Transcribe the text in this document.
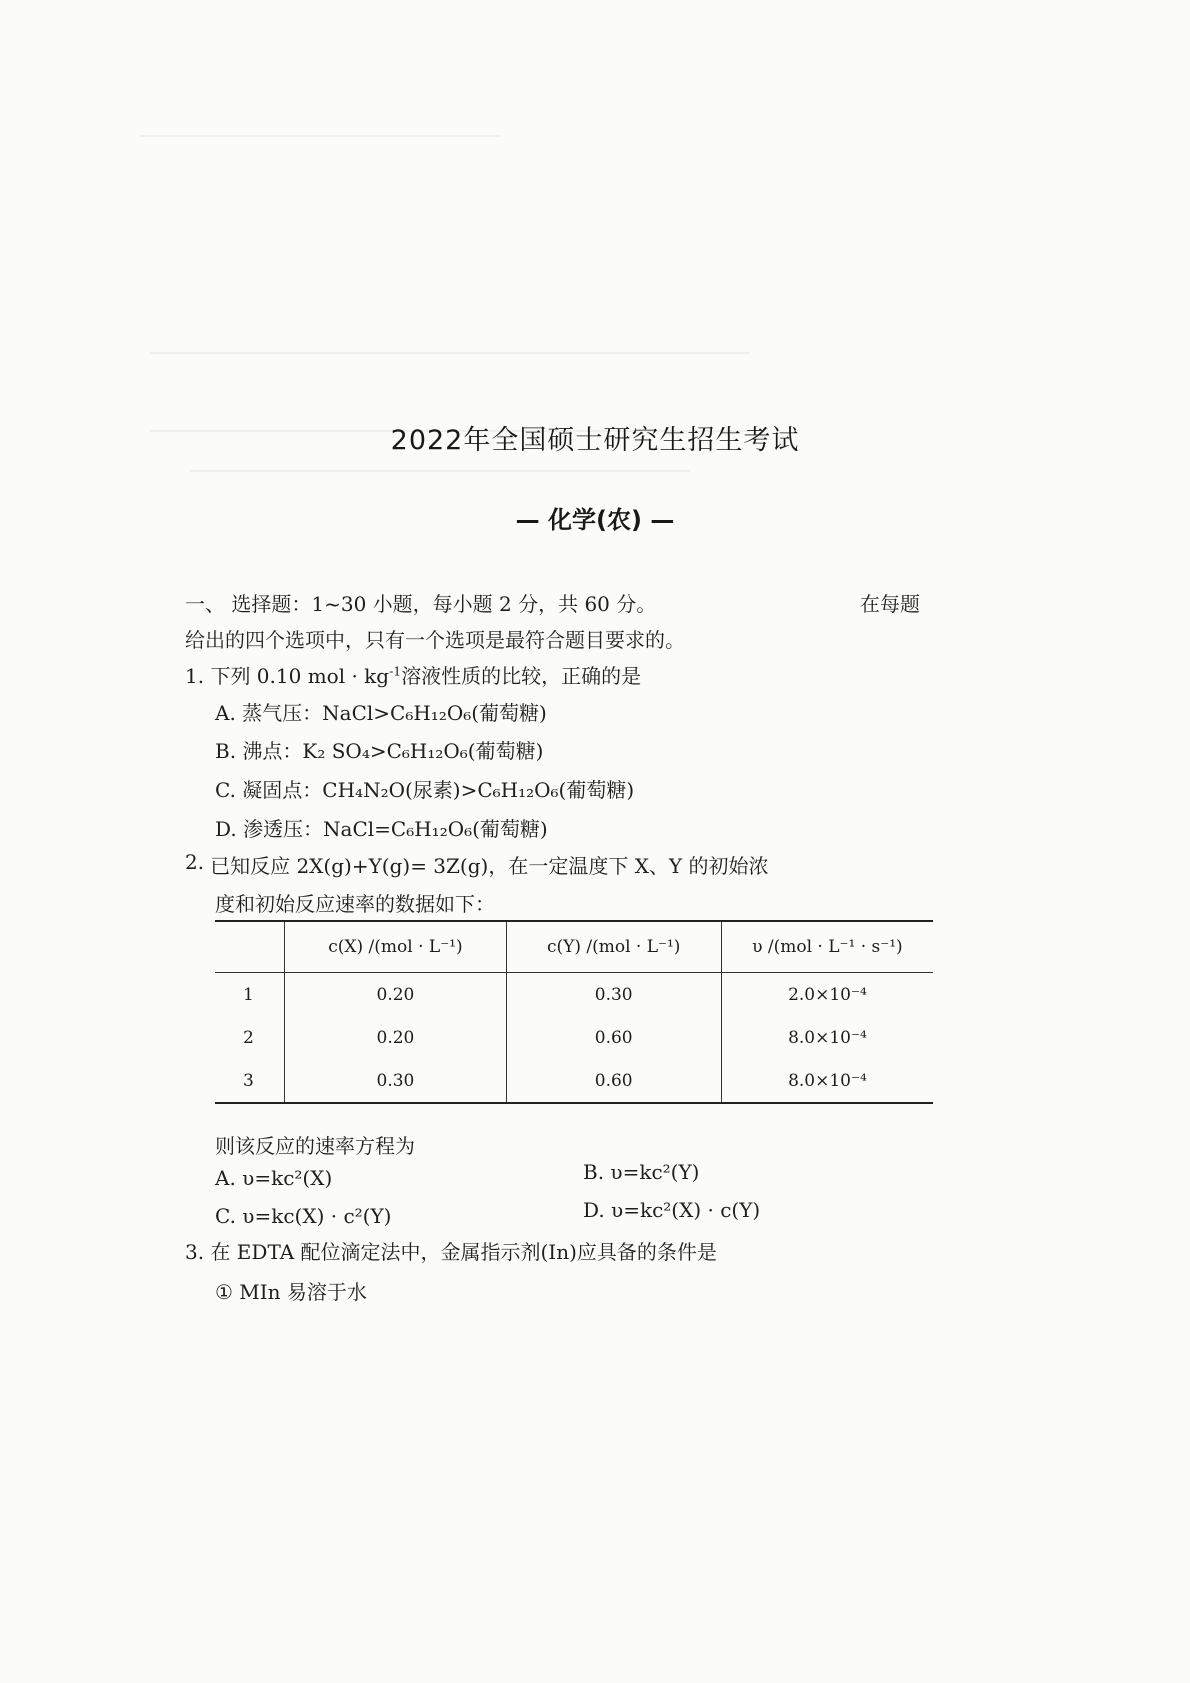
2022年全国硕士研究生招生考试
— 化学(农) —
一、 选择题：1~30 小题，每小题 2 分，共 60 分。	在每题
给出的四个选项中，只有一个选项是最符合题目要求的。
1. 下列 0.10 mol · $kg^{-1}$溶液性质的比较，正确的是
A. 蒸气压：NaCl>C₆H₁₂O₆(葡萄糖)
B. 沸点：K₂ SO₄>C₆H₁₂O₆(葡萄糖)
C. 凝固点：CH₄N₂O(尿素)>C₆H₁₂O₆(葡萄糖)
D. 渗透压：NaCl=C₆H₁₂O₆(葡萄糖)
2. 已知反应 2X(g)+Y(g)= 3Z(g)，在一定温度下 X、Y 的初始浓
度和初始反应速率的数据如下：
	c(X) /(mol · L⁻¹)	c(Y) /(mol · L⁻¹)	υ /(mol · L⁻¹ · s⁻¹)
1	0.20	0.30	2.0×10⁻⁴
2	0.20	0.60	8.0×10⁻⁴
3	0.30	0.60	8.0×10⁻⁴
则该反应的速率方程为
A. υ=kc²(X)	B. υ=kc²(Y)
C. υ=kc(X) · c²(Y)	D. υ=kc²(X) · c(Y)
3. 在 EDTA 配位滴定法中，金属指示剂(In)应具备的条件是
① MIn 易溶于水
